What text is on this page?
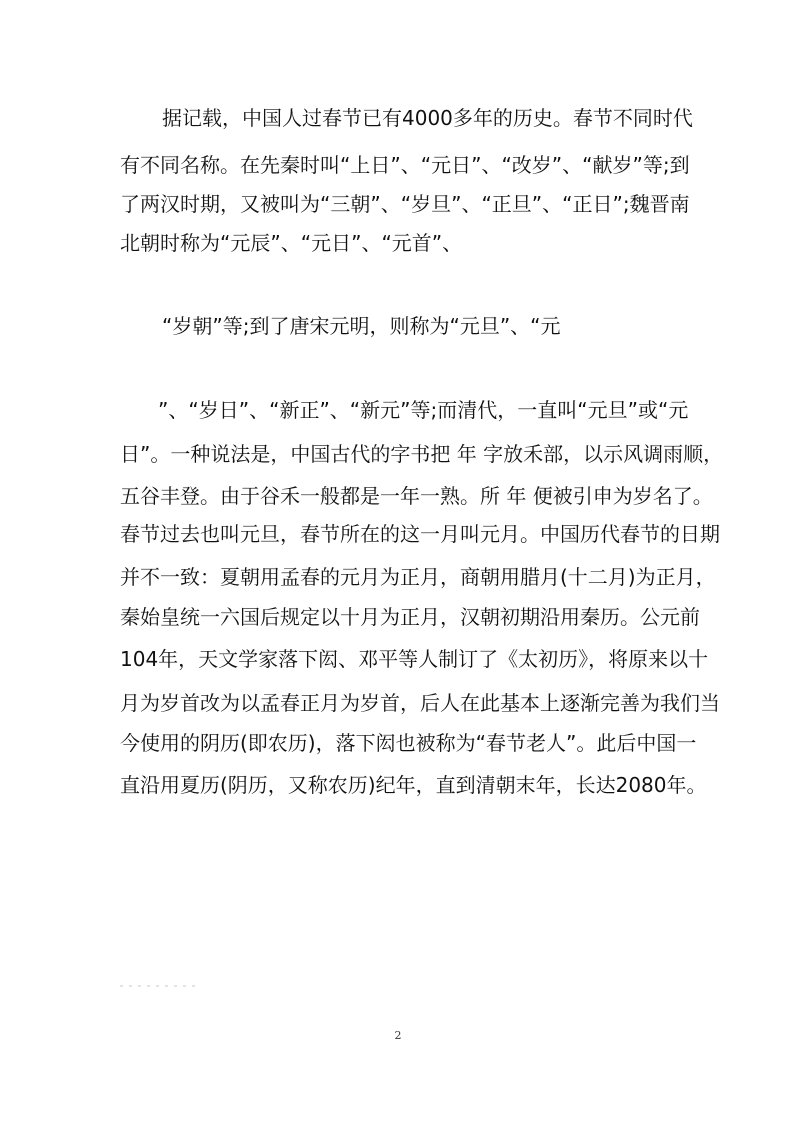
据记载，中国人过春节已有4000多年的历史。春节不同时代
有不同名称。在先秦时叫“上日”、“元日”、“改岁”、“献岁”等;到
了两汉时期，又被叫为“三朝”、“岁旦”、“正旦”、“正日”;魏晋南
北朝时称为“元辰”、“元日”、“元首”、
“岁朝”等;到了唐宋元明，则称为“元旦”、“元
”、“岁日”、“新正”、“新元”等;而清代，一直叫“元旦”或“元
日”。一种说法是，中国古代的字书把 年 字放禾部，以示风调雨顺，
五谷丰登。由于谷禾一般都是一年一熟。所 年 便被引申为岁名了。
春节过去也叫元旦，春节所在的这一月叫元月。中国历代春节的日期
并不一致：夏朝用孟春的元月为正月，商朝用腊月(十二月)为正月，
秦始皇统一六国后规定以十月为正月，汉朝初期沿用秦历。公元前
104年，天文学家落下闳、邓平等人制订了《太初历》，将原来以十
月为岁首改为以孟春正月为岁首，后人在此基本上逐渐完善为我们当
今使用的阴历(即农历)，落下闳也被称为“春节老人”。此后中国一
直沿用夏历(阴历，又称农历)纪年，直到清朝末年，长达2080年。
2
